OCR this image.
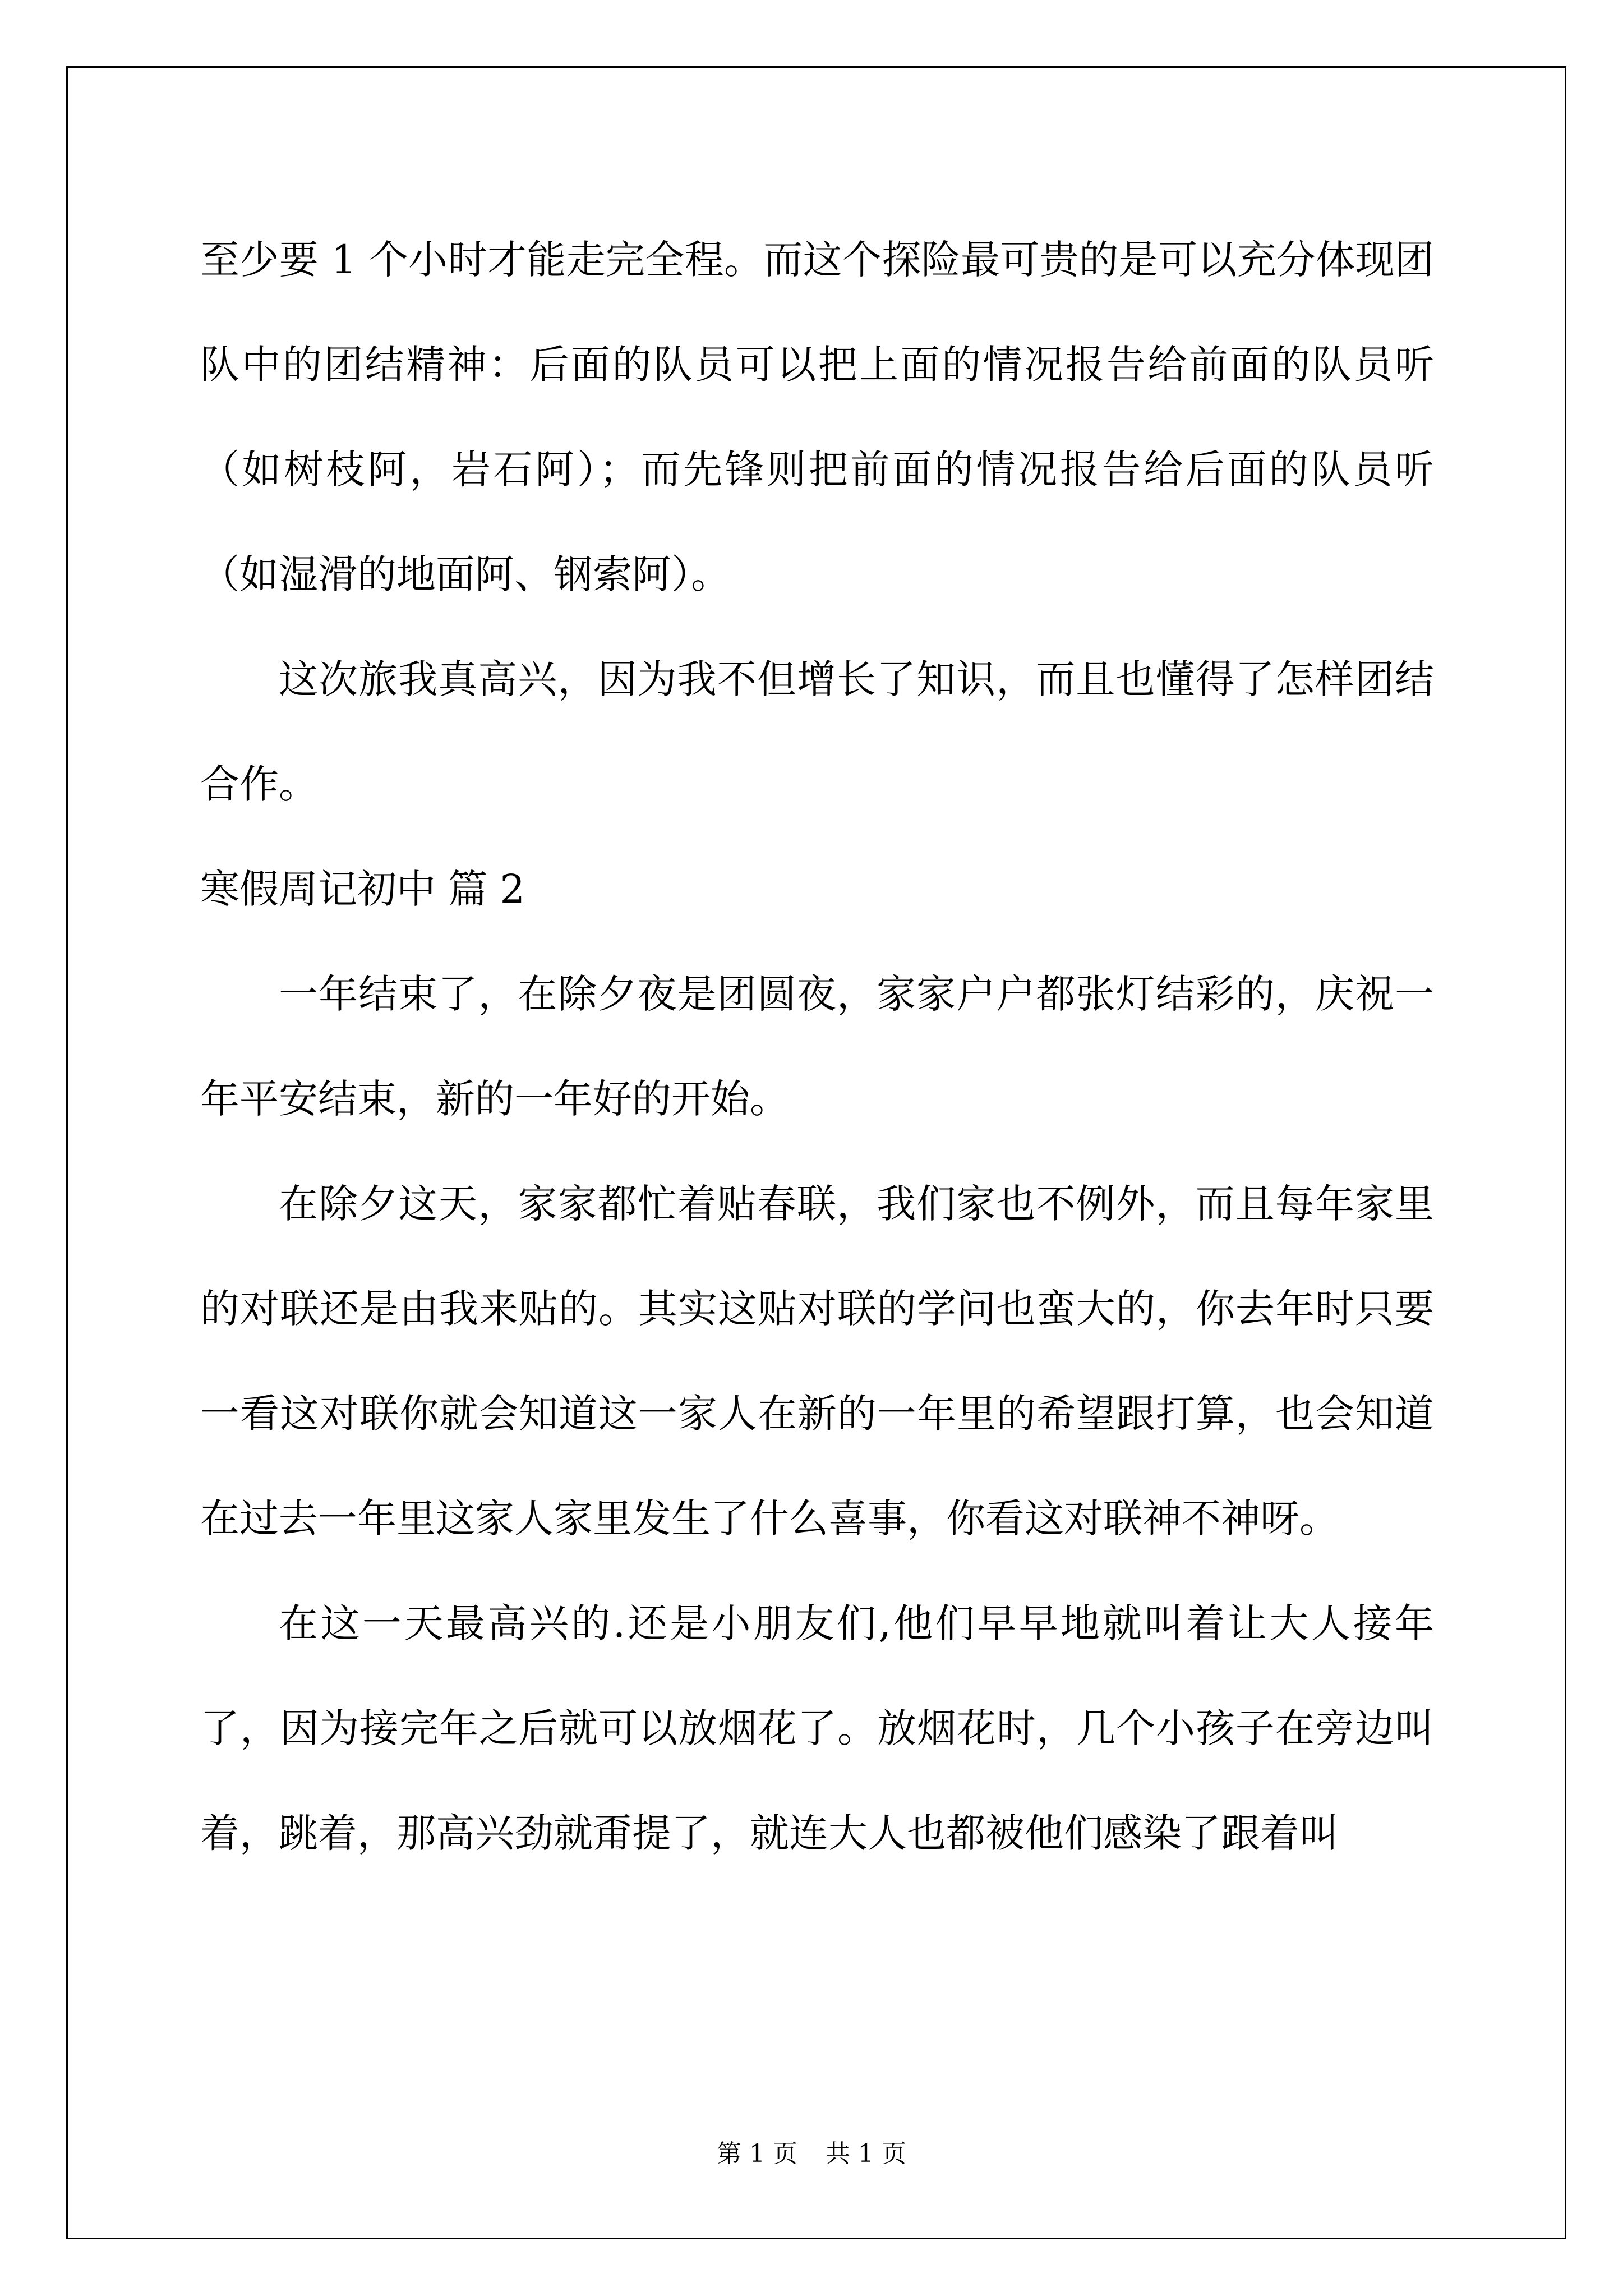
至少要 1 个小时才能走完全程。而这个探险最可贵的是可以充分体现团队中的团结精神：后面的队员可以把上面的情况报告给前面的队员听（如树枝阿，岩石阿）；而先锋则把前面的情况报告给后面的队员听（如湿滑的地面阿、钢索阿）。

这次旅我真高兴，因为我不但增长了知识，而且也懂得了怎样团结合作。

寒假周记初中 篇 2

一年结束了，在除夕夜是团圆夜，家家户户都张灯结彩的，庆祝一年平安结束，新的一年好的开始。

在除夕这天，家家都忙着贴春联，我们家也不例外，而且每年家里的对联还是由我来贴的。其实这贴对联的学问也蛮大的，你去年时只要一看这对联你就会知道这一家人在新的一年里的希望跟打算，也会知道在过去一年里这家人家里发生了什么喜事，你看这对联神不神呀。

在这一天最高兴的.还是小朋友们,他们早早地就叫着让大人接年了，因为接完年之后就可以放烟花了。放烟花时，几个小孩子在旁边叫着，跳着，那高兴劲就甭提了，就连大人也都被他们感染了跟着叫

第 1 页 共 1 页
